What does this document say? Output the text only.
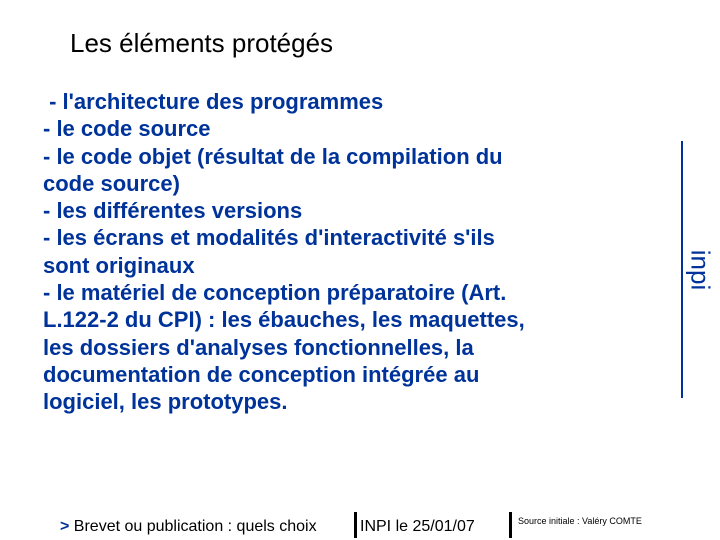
Les éléments protégés
- l'architecture des programmes
- le code source
- le code objet (résultat de la compilation du
code source)
- les différentes versions
- les écrans et modalités d'interactivité s'ils
sont originaux
- le matériel de conception préparatoire (Art.
L.122-2 du CPI) : les ébauches, les maquettes,
les dossiers d'analyses fonctionnelles, la
documentation de conception intégrée au
logiciel, les prototypes.
inpi
> Brevet ou publication : quels choix	INPI le 25/01/07	Source initiale : Valéry COMTE
